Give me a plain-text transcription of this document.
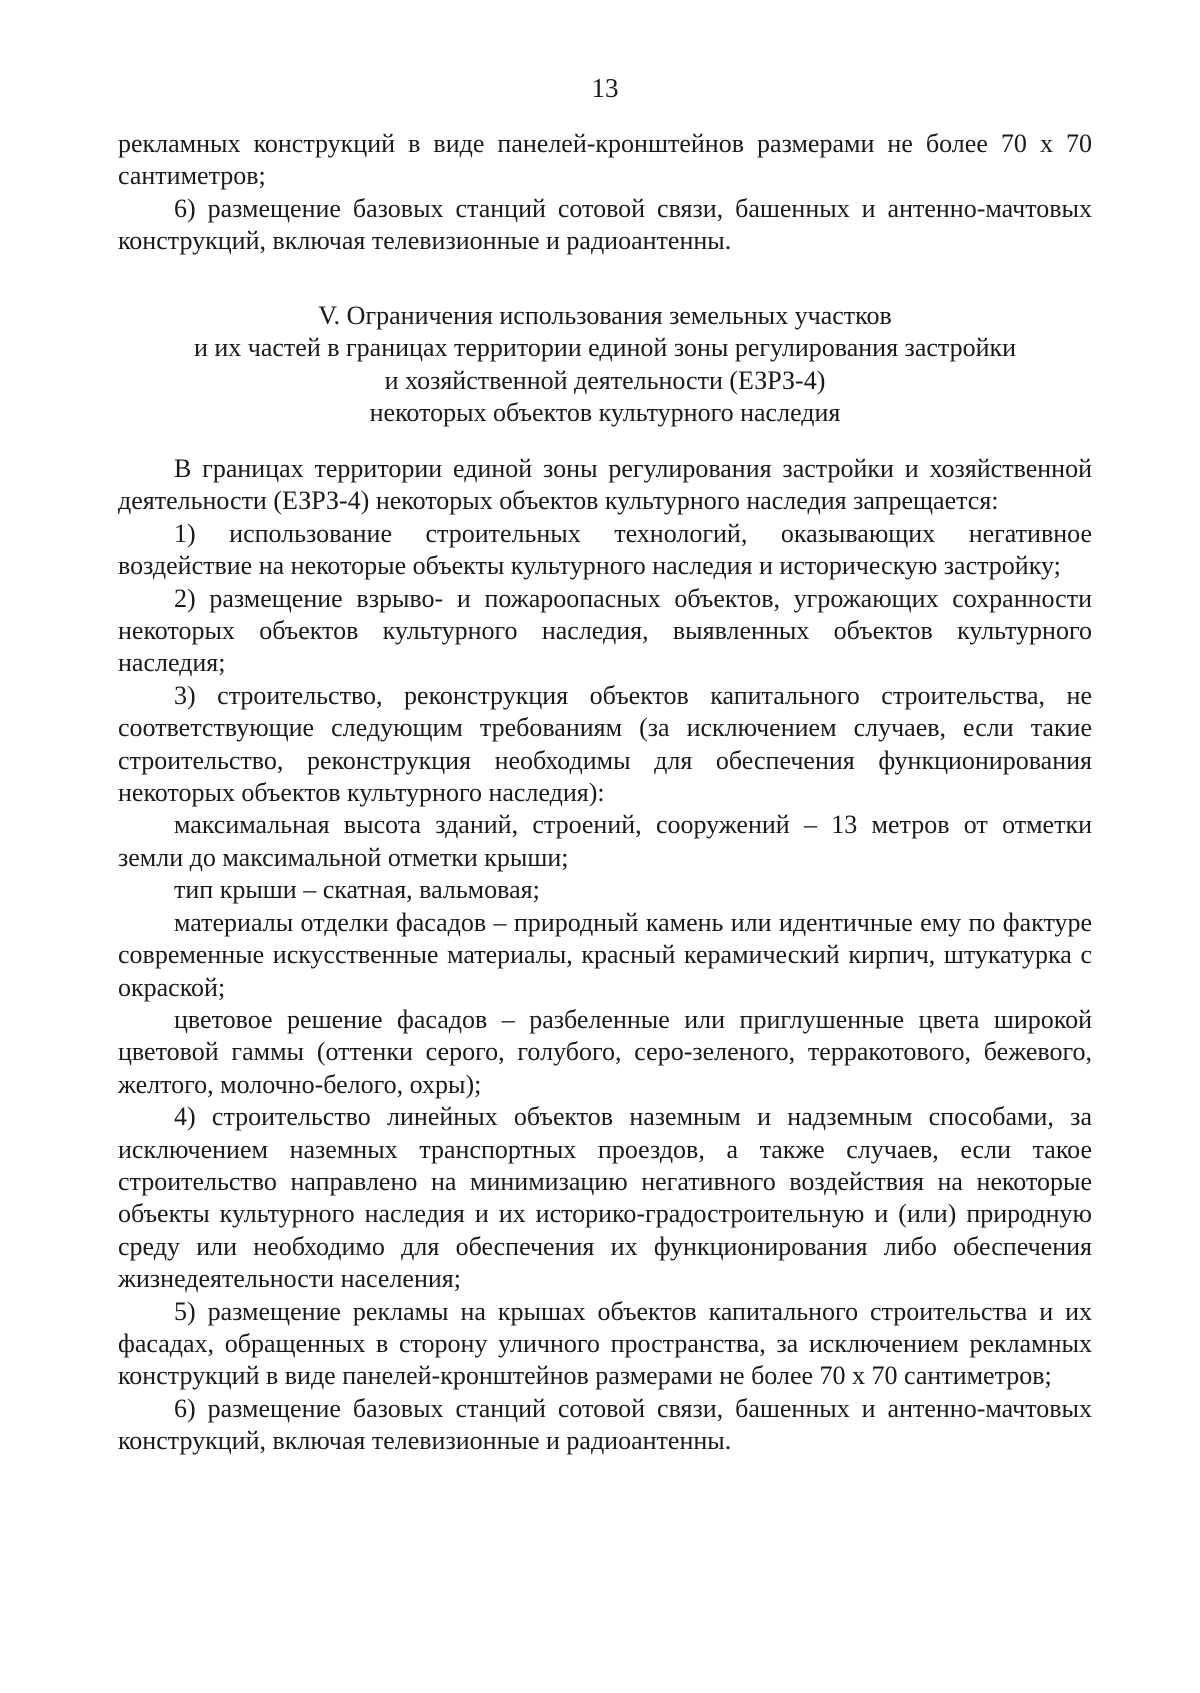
13

рекламных конструкций в виде панелей-кронштейнов размерами не более 70 х 70 сантиметров;

6) размещение базовых станций сотовой связи, башенных и антенно-мачтовых конструкций, включая телевизионные и радиоантенны.

V. Ограничения использования земельных участков
и их частей в границах территории единой зоны регулирования застройки
и хозяйственной деятельности (ЕЗРЗ-4)
некоторых объектов культурного наследия

В границах территории единой зоны регулирования застройки и хозяйственной деятельности (ЕЗРЗ-4) некоторых объектов культурного наследия запрещается:

1) использование строительных технологий, оказывающих негативное воздействие на некоторые объекты культурного наследия и историческую застройку;

2) размещение взрыво- и пожароопасных объектов, угрожающих сохранности некоторых объектов культурного наследия, выявленных объектов культурного наследия;

3) строительство, реконструкция объектов капитального строительства, не соответствующие следующим требованиям (за исключением случаев, если такие строительство, реконструкция необходимы для обеспечения функционирования некоторых объектов культурного наследия):

максимальная высота зданий, строений, сооружений – 13 метров от отметки земли до максимальной отметки крыши;

тип крыши – скатная, вальмовая;

материалы отделки фасадов – природный камень или идентичные ему по фактуре современные искусственные материалы, красный керамический кирпич, штукатурка с окраской;

цветовое решение фасадов – разбеленные или приглушенные цвета широкой цветовой гаммы (оттенки серого, голубого, серо-зеленого, терракотового, бежевого, желтого, молочно-белого, охры);

4) строительство линейных объектов наземным и надземным способами, за исключением наземных транспортных проездов, а также случаев, если такое строительство направлено на минимизацию негативного воздействия на некоторые объекты культурного наследия и их историко-градостроительную и (или) природную среду или необходимо для обеспечения их функционирования либо обеспечения жизнедеятельности населения;

5) размещение рекламы на крышах объектов капитального строительства и их фасадах, обращенных в сторону уличного пространства, за исключением рекламных конструкций в виде панелей-кронштейнов размерами не более 70 х 70 сантиметров;

6) размещение базовых станций сотовой связи, башенных и антенно-мачтовых конструкций, включая телевизионные и радиоантенны.
